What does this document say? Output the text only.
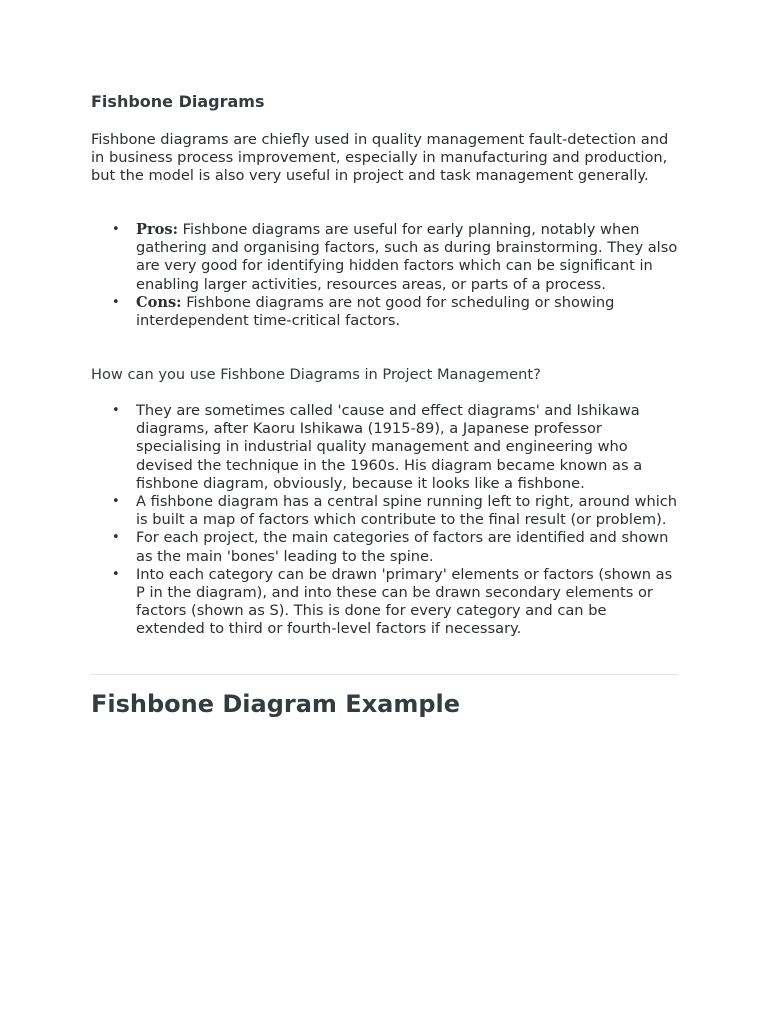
Fishbone Diagrams

Fishbone diagrams are chiefly used in quality management fault-detection and in business process improvement, especially in manufacturing and production, but the model is also very useful in project and task management generally.

• Pros: Fishbone diagrams are useful for early planning, notably when gathering and organising factors, such as during brainstorming. They also are very good for identifying hidden factors which can be significant in enabling larger activities, resources areas, or parts of a process.
• Cons: Fishbone diagrams are not good for scheduling or showing interdependent time-critical factors.

How can you use Fishbone Diagrams in Project Management?

• They are sometimes called 'cause and effect diagrams' and Ishikawa diagrams, after Kaoru Ishikawa (1915-89), a Japanese professor specialising in industrial quality management and engineering who devised the technique in the 1960s. His diagram became known as a fishbone diagram, obviously, because it looks like a fishbone.
• A fishbone diagram has a central spine running left to right, around which is built a map of factors which contribute to the final result (or problem).
• For each project, the main categories of factors are identified and shown as the main 'bones' leading to the spine.
• Into each category can be drawn 'primary' elements or factors (shown as P in the diagram), and into these can be drawn secondary elements or factors (shown as S). This is done for every category and can be extended to third or fourth-level factors if necessary.
Fishbone Diagram Example
